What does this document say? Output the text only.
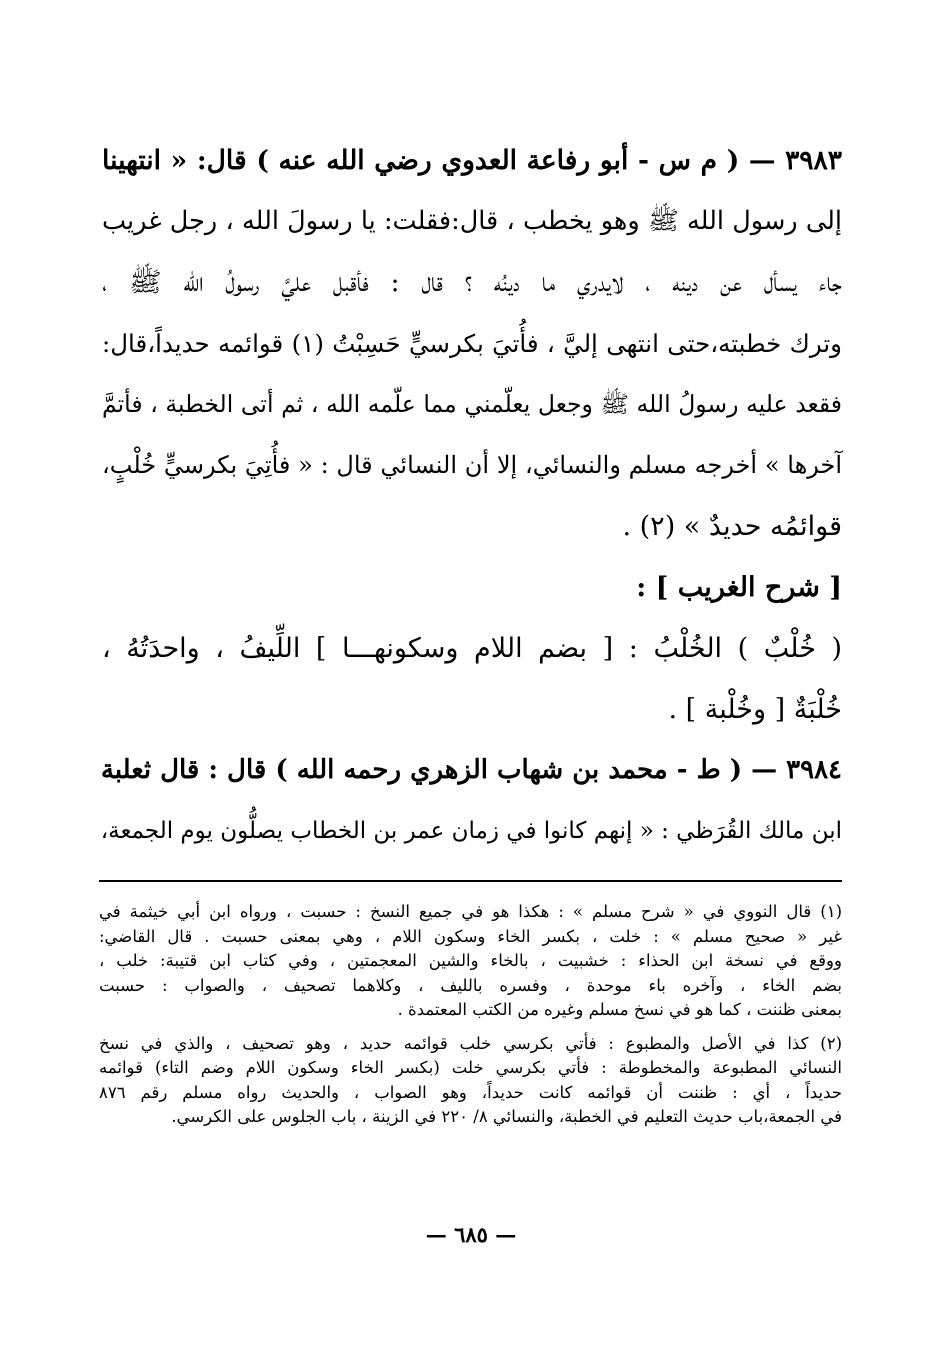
٣٩٨٣ — ( م س - أبو رفاعة العدوي رضي الله عنه ) قال: « انتهينا
إلى رسول الله ﷺ وهو يخطب ، قال:فقلت: يا رسولَ الله ، رجل غريب
جاء يسأل عن دينه ، لايدري ما دينُه ؟ قال : فأقبل عليَّ رسولُ الله ﷺ ،
وترك خطبته،حتى انتهى إليَّ ، فأُتيَ بكرسيٍّ حَسِبْتُ (١) قوائمه حديداً،قال:
فقعد عليه رسولُ الله ﷺ وجعل يعلّمني مما علّمه الله ، ثم أتى الخطبة ، فأتمَّ
آخرها » أخرجه مسلم والنسائي، إلا أن النسائي قال : « فأُتِيَ بكرسيٍّ خُلْبٍ،
قوائمُه حديدٌ » (٢) .
[ شرح الغريب ] :
( خُلْبٌ ) الخُلْبُ : [ بضم اللام وسكونهـــا ] اللِّيفُ ، واحدَتُهُ ،
خُلْبَةٌ [ وخُلْبة ] .
٣٩٨٤ — ( ط - محمد بن شهاب الزهري رحمه الله ) قال : قال ثعلبة
ابن مالك القُرَظي : « إنهم كانوا في زمان عمر بن الخطاب يصلُّون يوم الجمعة،
(١) قال النووي في « شرح مسلم » : هكذا هو في جميع النسخ : حسبت ، ورواه ابن أبي خيثمة في
غير « صحيح مسلم » : خلت ، بكسر الخاء وسكون اللام ، وهي بمعنى حسبت . قال القاضي:
ووقع في نسخة ابن الحذاء : خشبيت ، بالخاء والشين المعجمتين ، وفي كتاب ابن قتيبة: خلب ،
بضم الخاء ، وآخره باء موحدة ، وفسره بالليف ، وكلاهما تصحيف ، والصواب : حسبت
بمعنى ظننت ، كما هو في نسخ مسلم وغيره من الكتب المعتمدة .
(٢) كذا في الأصل والمطبوع : فأتي بكرسي خلب قوائمه حديد ، وهو تصحيف ، والذي في نسخ
النسائي المطبوعة والمخطوطة : فأتي بكرسي خلت (بكسر الخاء وسكون اللام وضم التاء) قوائمه
حديداً ، أي : ظننت أن قوائمه كانت حديداً، وهو الصواب ، والحديث رواه مسلم رقم ٨٧٦
في الجمعة،باب حديث التعليم في الخطبة، والنسائي ٨/ ٢٢٠ في الزينة ، باب الجلوس على الكرسي.
— ٦٨٥ —
